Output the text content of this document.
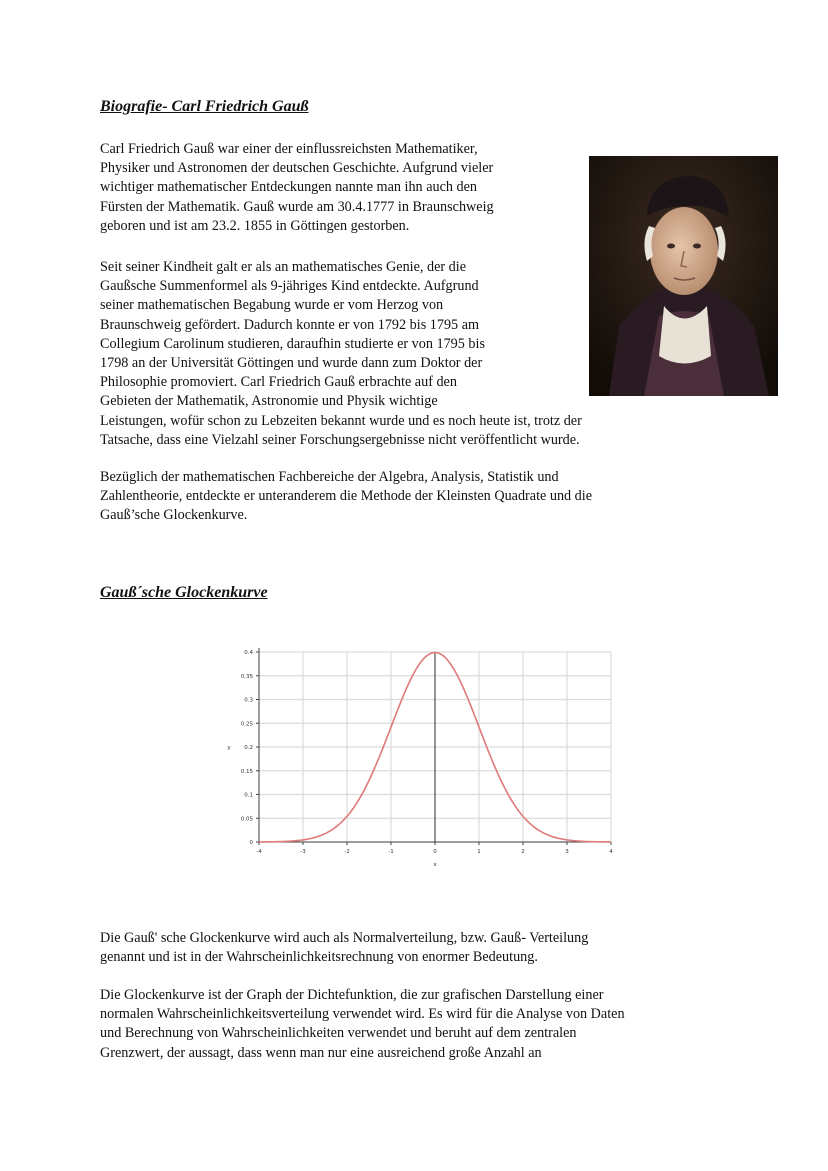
Biografie- Carl Friedrich Gauß

Carl Friedrich Gauß war einer der einflussreichsten Mathematiker,
Physiker und Astronomen der deutschen Geschichte. Aufgrund vieler
wichtiger mathematischer Entdeckungen nannte man ihn auch den
Fürsten der Mathematik. Gauß wurde am 30.4.1777 in Braunschweig
geboren und ist am 23.2. 1855 in Göttingen gestorben.

Seit seiner Kindheit galt er als an mathematisches Genie, der die
Gaußsche Summenformel als 9-jähriges Kind entdeckte. Aufgrund
seiner mathematischen Begabung wurde er vom Herzog von
Braunschweig gefördert. Dadurch konnte er von 1792 bis 1795 am
Collegium Carolinum studieren, daraufhin studierte er von 1795 bis
1798 an der Universität Göttingen und wurde dann zum Doktor der
Philosophie promoviert. Carl Friedrich Gauß erbrachte auf den
Gebieten der Mathematik, Astronomie und Physik wichtige
Leistungen, wofür schon zu Lebzeiten bekannt wurde und es noch heute ist, trotz der
Tatsache, dass eine Vielzahl seiner Forschungsergebnisse nicht veröffentlicht wurde.

Bezüglich der mathematischen Fachbereiche der Algebra, Analysis, Statistik und
Zahlentheorie, entdeckte er unteranderem die Methode der Kleinsten Quadrate und die
Gauß’sche Glockenkurve.

Gauß´sche Glockenkurve
0
0.05
0.1
0.15
0.2
0.25
0.3
0.35
0.4
-4	-3	-2	-1	0	1	2	3	4
x
y

Die Gauß' sche Glockenkurve wird auch als Normalverteilung, bzw. Gauß- Verteilung
genannt und ist in der Wahrscheinlichkeitsrechnung von enormer Bedeutung.

Die Glockenkurve ist der Graph der Dichtefunktion, die zur grafischen Darstellung einer
normalen Wahrscheinlichkeitsverteilung verwendet wird. Es wird für die Analyse von Daten
und Berechnung von Wahrscheinlichkeiten verwendet und beruht auf dem zentralen
Grenzwert, der aussagt, dass wenn man nur eine ausreichend große Anzahl an
